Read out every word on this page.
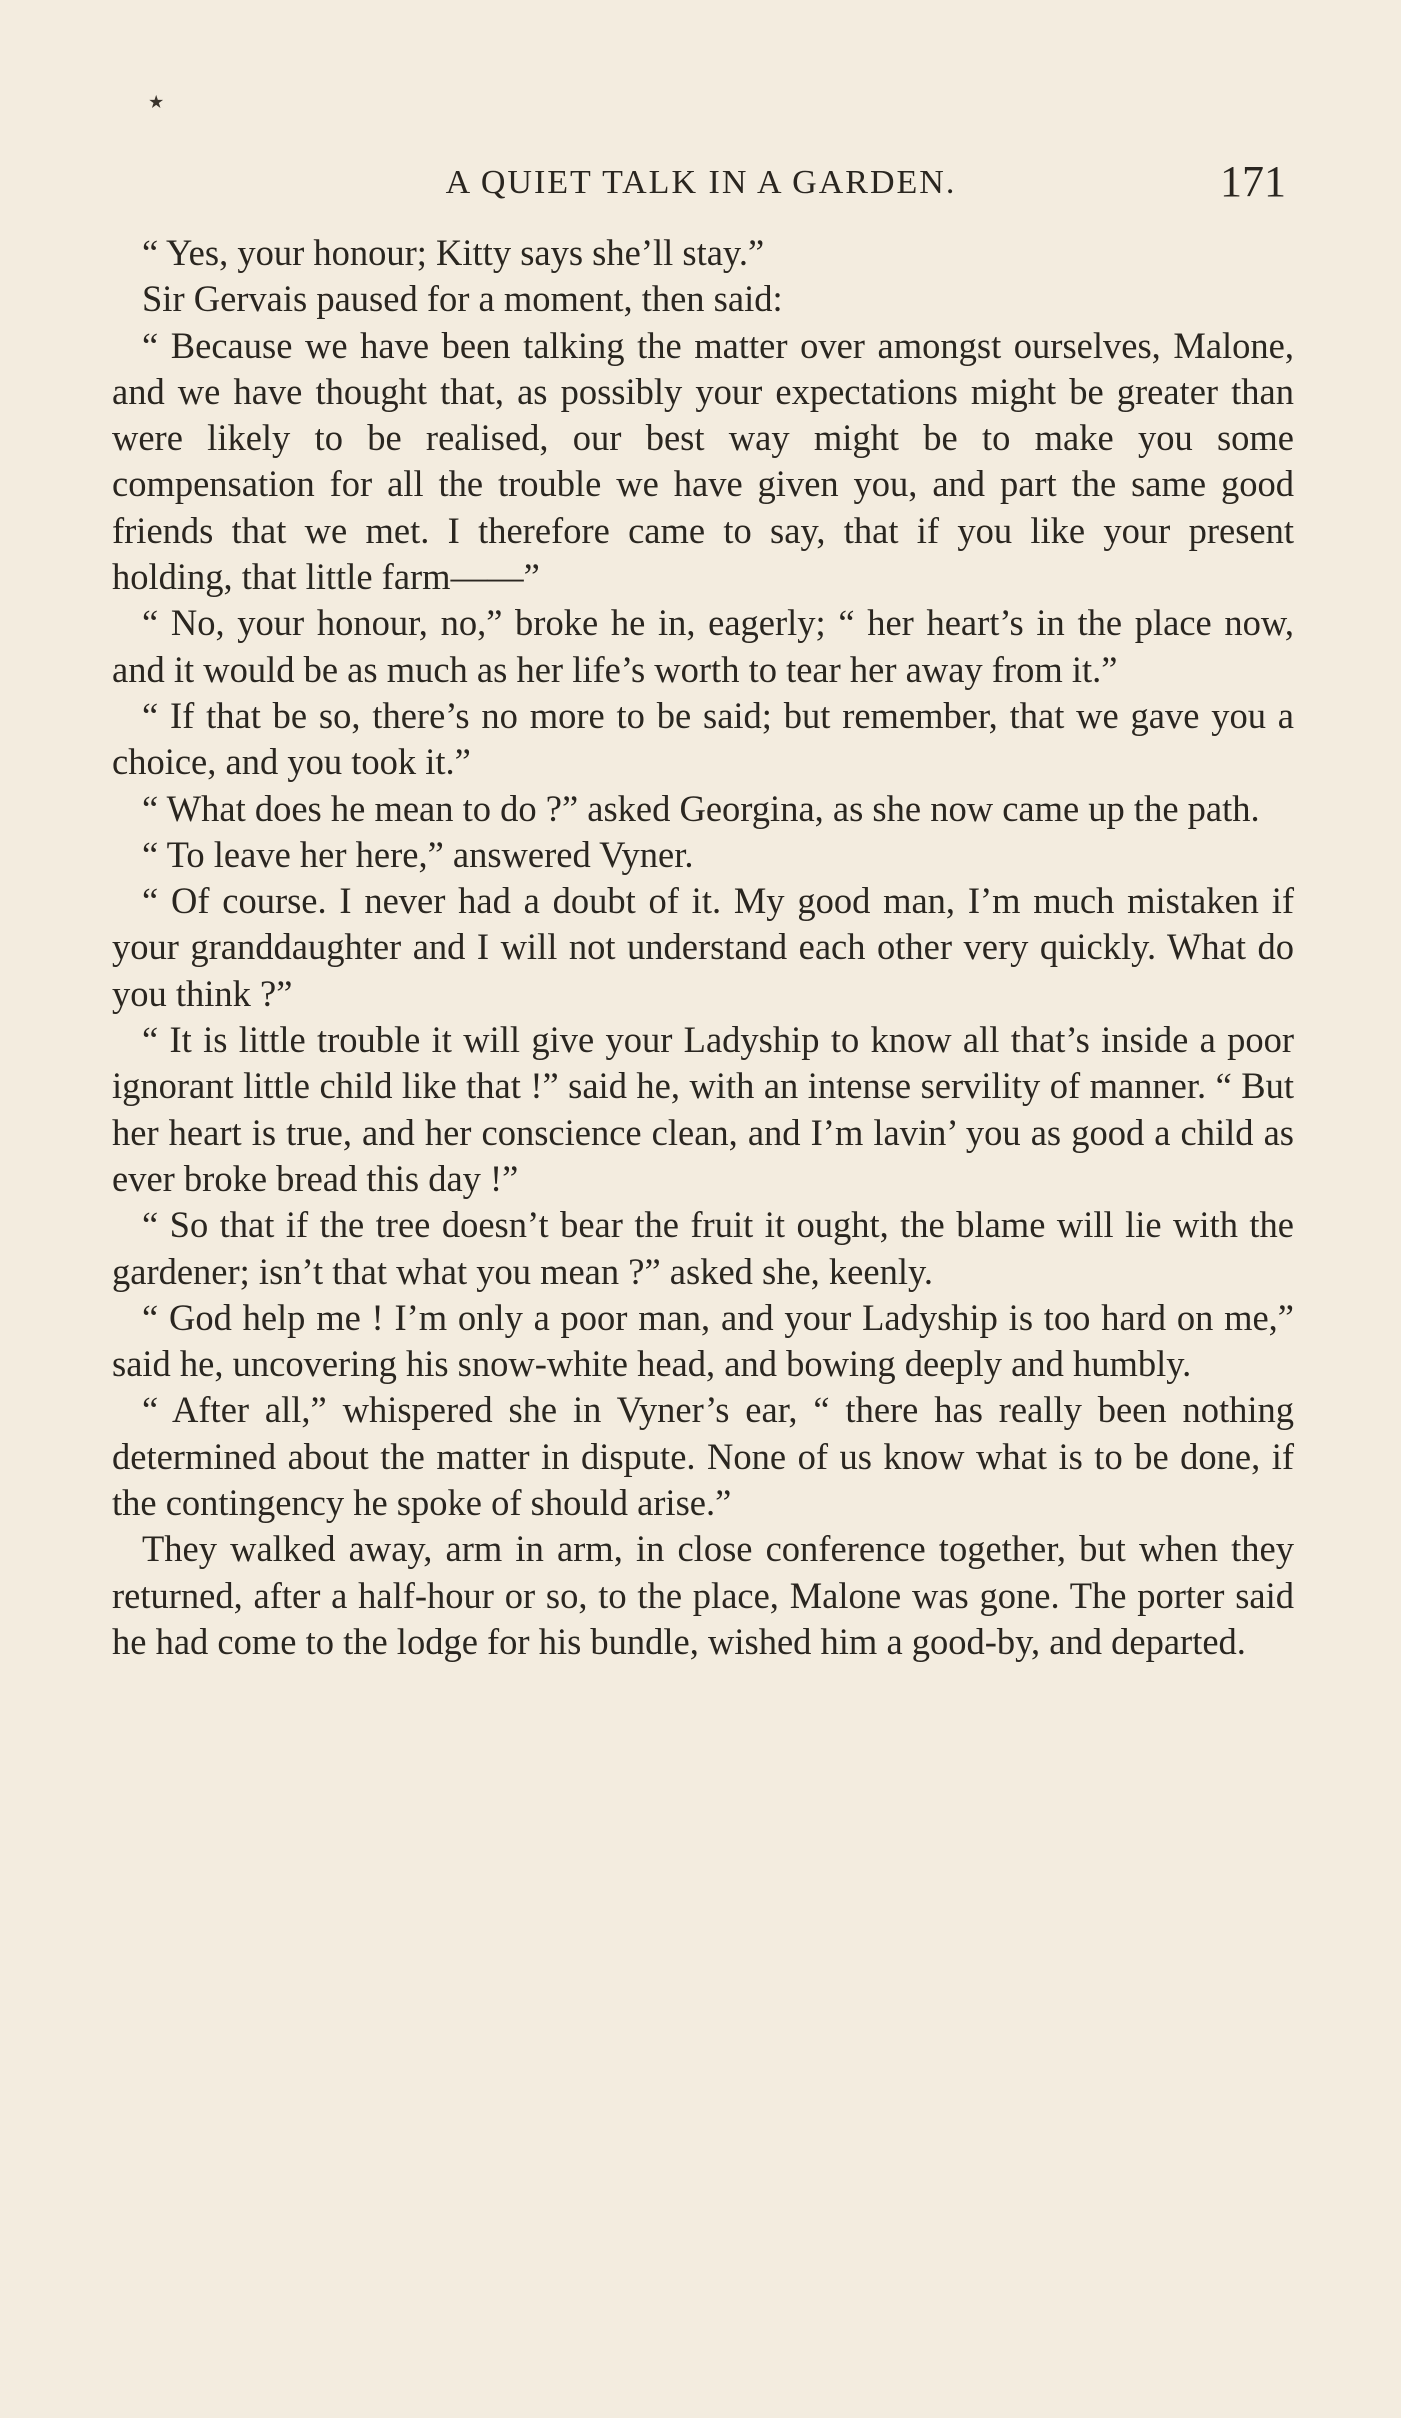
٭
A QUIET TALK IN A GARDEN.	171

“ Yes, your honour; Kitty says she’ll stay.”

Sir Gervais paused for a moment, then said:

“ Because we have been talking the matter over amongst ourselves, Malone, and we have thought that, as possibly your expectations might be greater than were likely to be realised, our best way might be to make you some compensation for all the trouble we have given you, and part the same good friends that we met. I therefore came to say, that if you like your present holding, that little farm——”

“ No, your honour, no,” broke he in, eagerly; “ her heart’s in the place now, and it would be as much as her life’s worth to tear her away from it.”

“ If that be so, there’s no more to be said; but remember, that we gave you a choice, and you took it.”

“ What does he mean to do ?” asked Georgina, as she now came up the path.

“ To leave her here,” answered Vyner.

“ Of course. I never had a doubt of it. My good man, I’m much mistaken if your granddaughter and I will not understand each other very quickly. What do you think ?”

“ It is little trouble it will give your Ladyship to know all that’s inside a poor ignorant little child like that !” said he, with an intense servility of manner. “ But her heart is true, and her conscience clean, and I’m lavin’ you as good a child as ever broke bread this day !”

“ So that if the tree doesn’t bear the fruit it ought, the blame will lie with the gardener; isn’t that what you mean ?” asked she, keenly.

“ God help me ! I’m only a poor man, and your Ladyship is too hard on me,” said he, uncovering his snow-white head, and bowing deeply and humbly.

“ After all,” whispered she in Vyner’s ear, “ there has really been nothing determined about the matter in dispute. None of us know what is to be done, if the contingency he spoke of should arise.”

They walked away, arm in arm, in close conference together, but when they returned, after a half-hour or so, to the place, Malone was gone. The porter said he had come to the lodge for his bundle, wished him a good-by, and departed.
